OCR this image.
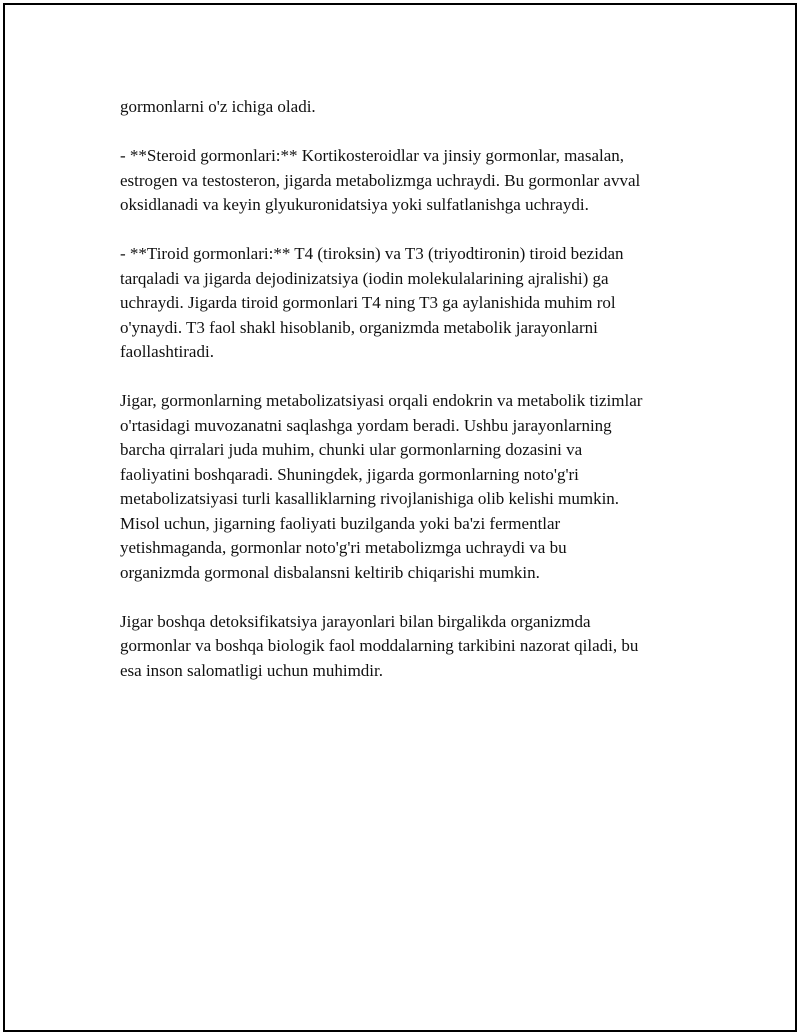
gormonlarni o'z ichiga oladi.

- **Steroid gormonlari:** Kortikosteroidlar va jinsiy gormonlar, masalan,
estrogen va testosteron, jigarda metabolizmga uchraydi. Bu gormonlar avval
oksidlanadi va keyin glyukuronidatsiya yoki sulfatlanishga uchraydi.

- **Tiroid gormonlari:** T4 (tiroksin) va T3 (triyodtironin) tiroid bezidan
tarqaladi va jigarda dejodinizatsiya (iodin molekulalarining ajralishi) ga
uchraydi. Jigarda tiroid gormonlari T4 ning T3 ga aylanishida muhim rol
o'ynaydi. T3 faol shakl hisoblanib, organizmda metabolik jarayonlarni
faollashtiradi.

Jigar, gormonlarning metabolizatsiyasi orqali endokrin va metabolik tizimlar
o'rtasidagi muvozanatni saqlashga yordam beradi. Ushbu jarayonlarning
barcha qirralari juda muhim, chunki ular gormonlarning dozasini va
faoliyatini boshqaradi. Shuningdek, jigarda gormonlarning noto'g'ri
metabolizatsiyasi turli kasalliklarning rivojlanishiga olib kelishi mumkin.
Misol uchun, jigarning faoliyati buzilganda yoki ba'zi fermentlar
yetishmaganda, gormonlar noto'g'ri metabolizmga uchraydi va bu
organizmda gormonal disbalansni keltirib chiqarishi mumkin.

Jigar boshqa detoksifikatsiya jarayonlari bilan birgalikda organizmda
gormonlar va boshqa biologik faol moddalarning tarkibini nazorat qiladi, bu
esa inson salomatligi uchun muhimdir.
